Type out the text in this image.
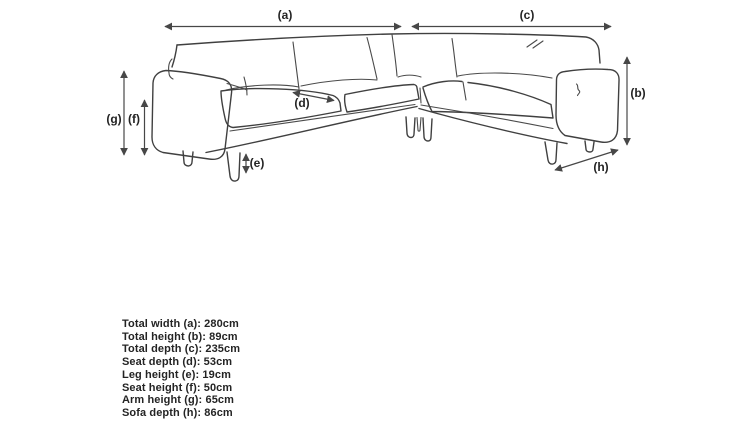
(a)	(c)
(b)
(g) (f)
(e)
(d)
(h)
Total width (a): 280cm
Total height (b): 89cm
Total depth (c): 235cm
Seat depth (d): 53cm
Leg height (e): 19cm
Seat height (f): 50cm
Arm height (g): 65cm
Sofa depth (h): 86cm
